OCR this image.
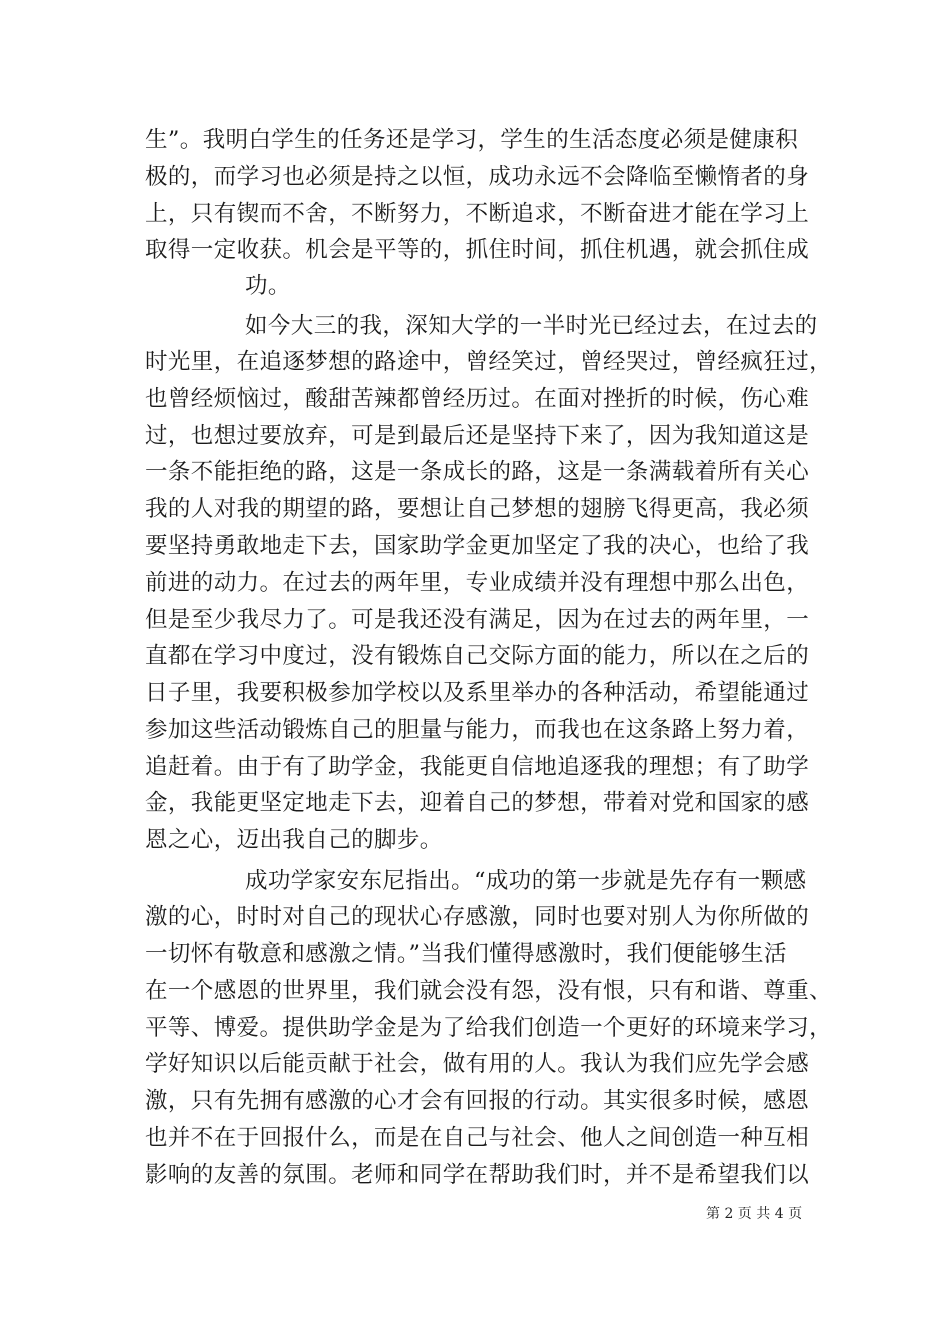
生”。我明白学生的任务还是学习，学生的生活态度必须是健康积
极的，而学习也必须是持之以恒，成功永远不会降临至懒惰者的身
上，只有锲而不舍，不断努力，不断追求，不断奋进才能在学习上
取得一定收获。机会是平等的，抓住时间，抓住机遇，就会抓住成
功。
如今大三的我，深知大学的一半时光已经过去，在过去的
时光里，在追逐梦想的路途中，曾经笑过，曾经哭过，曾经疯狂过，
也曾经烦恼过，酸甜苦辣都曾经历过。在面对挫折的时候，伤心难
过，也想过要放弃，可是到最后还是坚持下来了，因为我知道这是
一条不能拒绝的路，这是一条成长的路，这是一条满载着所有关心
我的人对我的期望的路，要想让自己梦想的翅膀飞得更高，我必须
要坚持勇敢地走下去，国家助学金更加坚定了我的决心，也给了我
前进的动力。在过去的两年里，专业成绩并没有理想中那么出色，
但是至少我尽力了。可是我还没有满足，因为在过去的两年里，一
直都在学习中度过，没有锻炼自己交际方面的能力，所以在之后的
日子里，我要积极参加学校以及系里举办的各种活动，希望能通过
参加这些活动锻炼自己的胆量与能力，而我也在这条路上努力着，
追赶着。由于有了助学金，我能更自信地追逐我的理想；有了助学
金，我能更坚定地走下去，迎着自己的梦想，带着对党和国家的感
恩之心，迈出我自己的脚步。
成功学家安东尼指出。“成功的第一步就是先存有一颗感
激的心，时时对自己的现状心存感激，同时也要对别人为你所做的
一切怀有敬意和感激之情。”当我们懂得感激时，我们便能够生活
在一个感恩的世界里，我们就会没有怨，没有恨，只有和谐、尊重、
平等、博爱。提供助学金是为了给我们创造一个更好的环境来学习，
学好知识以后能贡献于社会，做有用的人。我认为我们应先学会感
激，只有先拥有感激的心才会有回报的行动。其实很多时候，感恩
也并不在于回报什么，而是在自己与社会、他人之间创造一种互相
影响的友善的氛围。老师和同学在帮助我们时，并不是希望我们以
第 2 页 共 4 页
